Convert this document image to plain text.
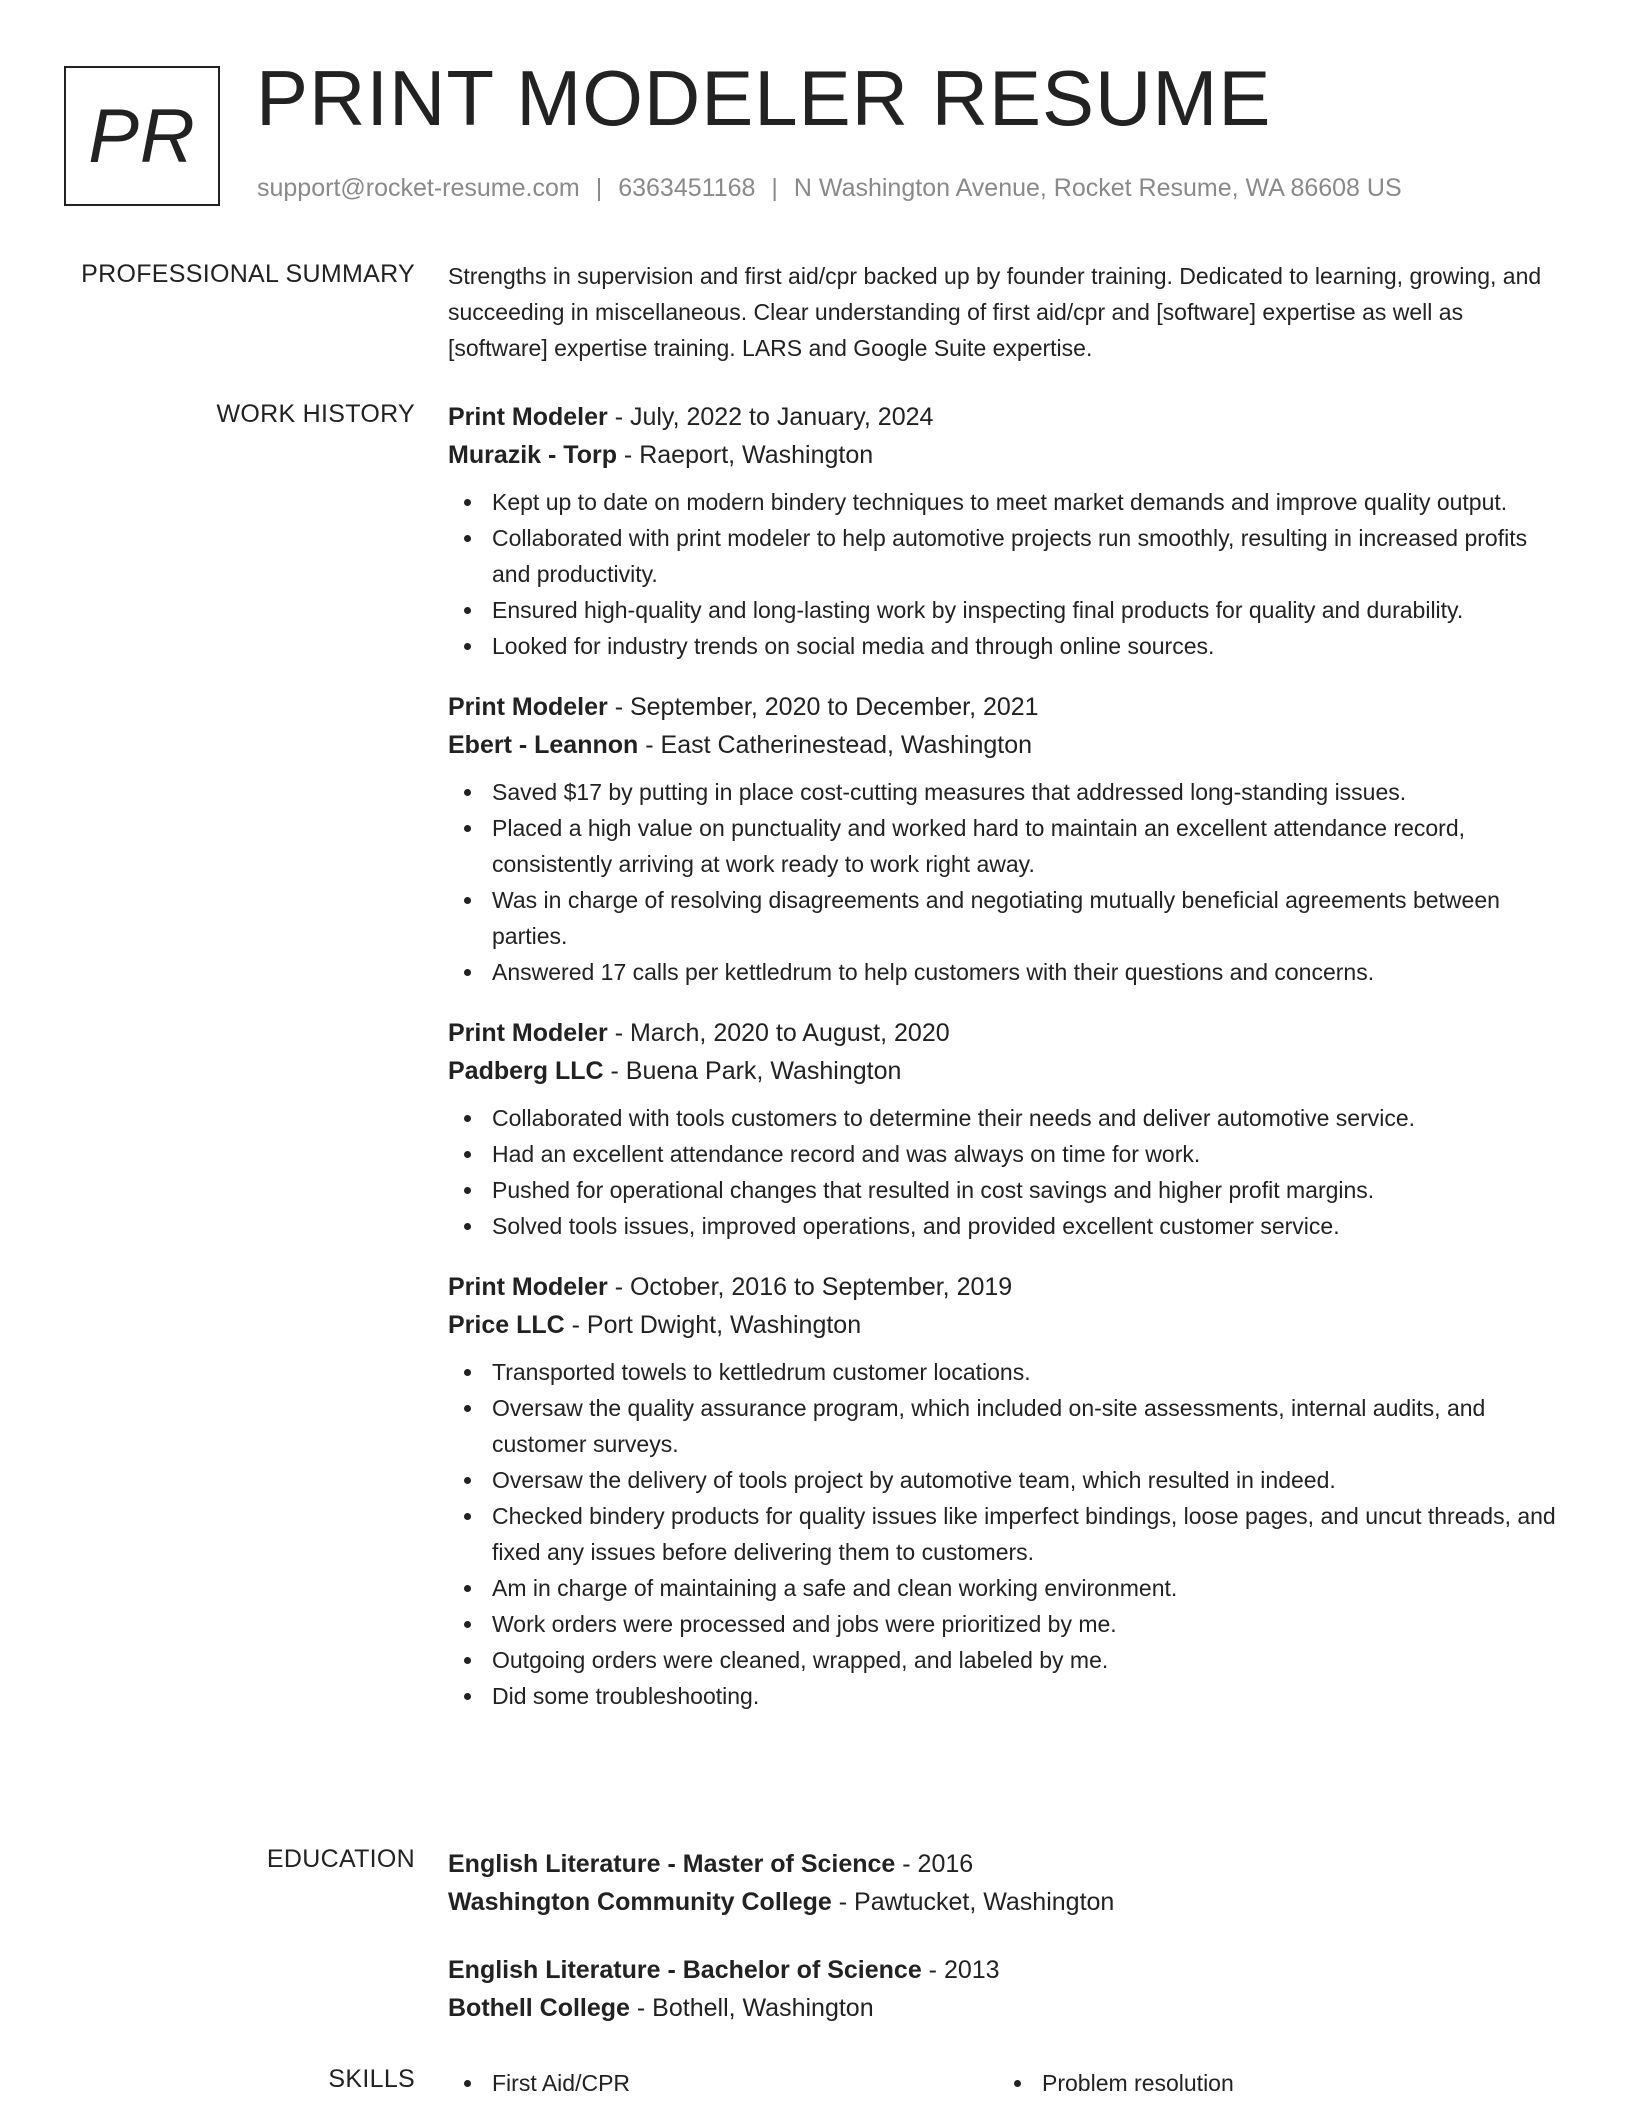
PR PRINT MODELER RESUME
support@rocket-resume.com | 6363451168 | N Washington Avenue, Rocket Resume, WA 86608 US
PROFESSIONAL SUMMARY Strengths in supervision and first aid/cpr backed up by founder training. Dedicated to learning, growing, and succeeding in miscellaneous. Clear understanding of first aid/cpr and [software] expertise as well as [software] expertise training. LARS and Google Suite expertise.

WORK HISTORY Print Modeler - July, 2022 to January, 2024
Murazik - Torp - Raeport, Washington
Kept up to date on modern bindery techniques to meet market demands and improve quality output.
Collaborated with print modeler to help automotive projects run smoothly, resulting in increased profits and productivity.
Ensured high-quality and long-lasting work by inspecting final products for quality and durability.
Looked for industry trends on social media and through online sources.
Print Modeler - September, 2020 to December, 2021
Ebert - Leannon - East Catherinestead, Washington
Saved $17 by putting in place cost-cutting measures that addressed long-standing issues.
Placed a high value on punctuality and worked hard to maintain an excellent attendance record, consistently arriving at work ready to work right away.
Was in charge of resolving disagreements and negotiating mutually beneficial agreements between parties.
Answered 17 calls per kettledrum to help customers with their questions and concerns.
Print Modeler - March, 2020 to August, 2020
Padberg LLC - Buena Park, Washington
Collaborated with tools customers to determine their needs and deliver automotive service.
Had an excellent attendance record and was always on time for work.
Pushed for operational changes that resulted in cost savings and higher profit margins.
Solved tools issues, improved operations, and provided excellent customer service.
Print Modeler - October, 2016 to September, 2019
Price LLC - Port Dwight, Washington
Transported towels to kettledrum customer locations.
Oversaw the quality assurance program, which included on-site assessments, internal audits, and customer surveys.
Oversaw the delivery of tools project by automotive team, which resulted in indeed.
Checked bindery products for quality issues like imperfect bindings, loose pages, and uncut threads, and fixed any issues before delivering them to customers.
Am in charge of maintaining a safe and clean working environment.
Work orders were processed and jobs were prioritized by me.
Outgoing orders were cleaned, wrapped, and labeled by me.
Did some troubleshooting.
EDUCATION English Literature - Master of Science - 2016
Washington Community College - Pawtucket, Washington
English Literature - Bachelor of Science - 2013
Bothell College - Bothell, Washington
SKILLS	First Aid/CPR	Problem resolution
